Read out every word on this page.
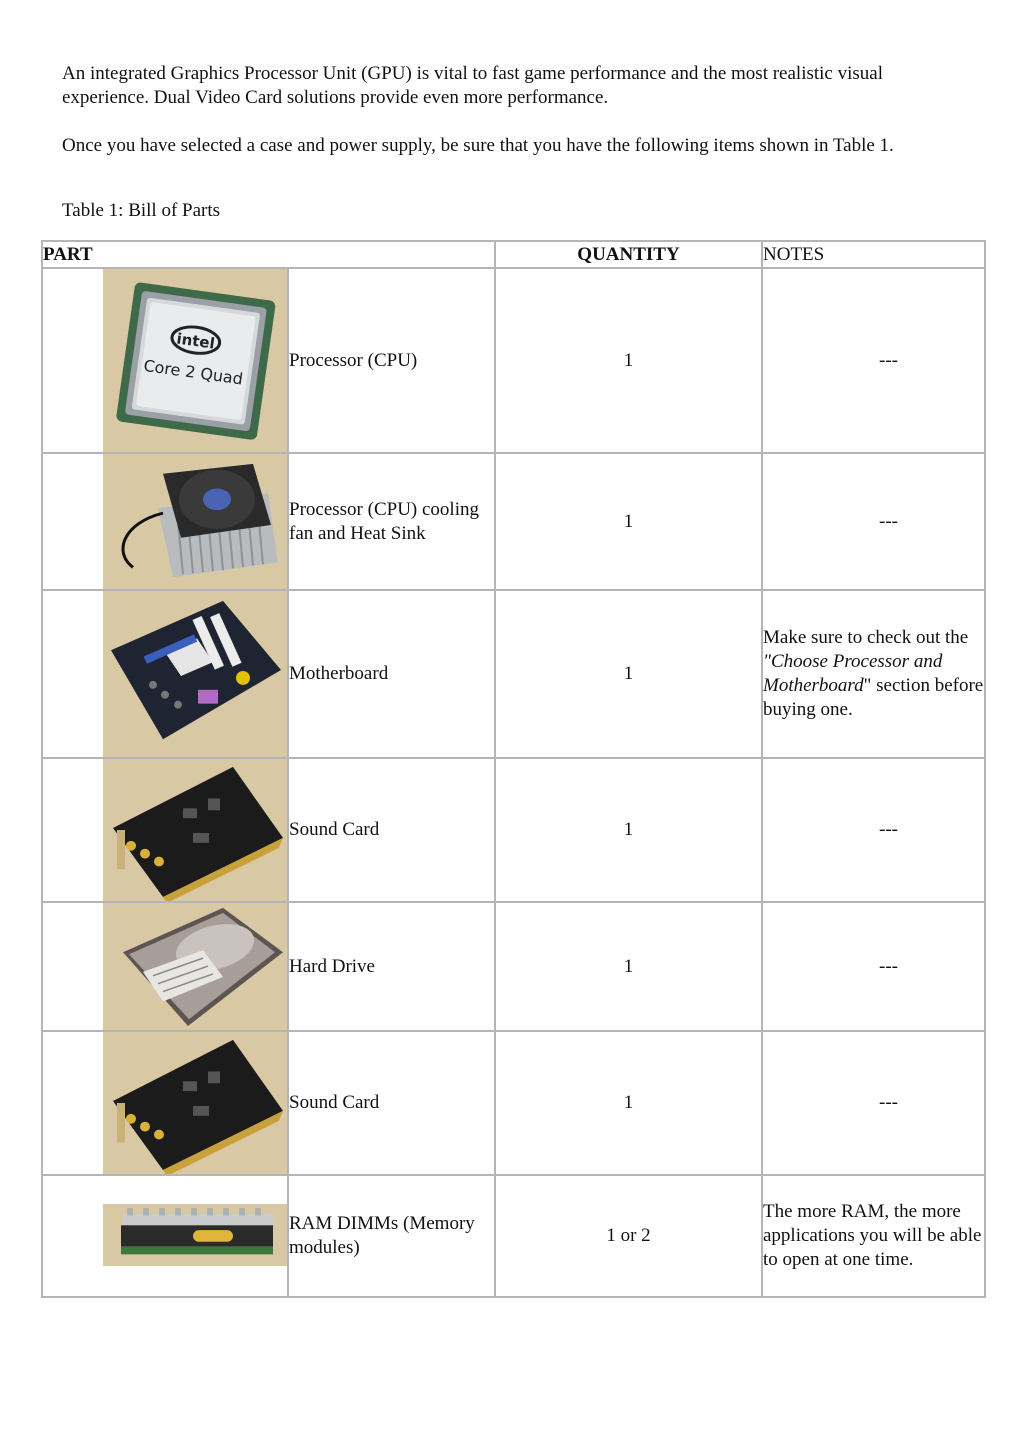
An integrated Graphics Processor Unit (GPU) is vital to fast game performance and the most realistic visual experience. Dual Video Card solutions provide even more performance.

Once you have selected a case and power supply, be sure that you have the following items shown in Table 1.

Table 1: Bill of Parts

PART		QUANTITY	NOTES

intel
Core 2 Quad	Processor (CPU)	1	---

	Processor (CPU) cooling fan and Heat Sink	1	---

	Motherboard	1	Make sure to check out the "Choose Processor and Motherboard" section before buying one.

	Sound Card	1	---

	Hard Drive	1	---

	Sound Card	1	---

	RAM DIMMs (Memory modules)	1 or 2	The more RAM, the more applications you will be able to open at one time.
